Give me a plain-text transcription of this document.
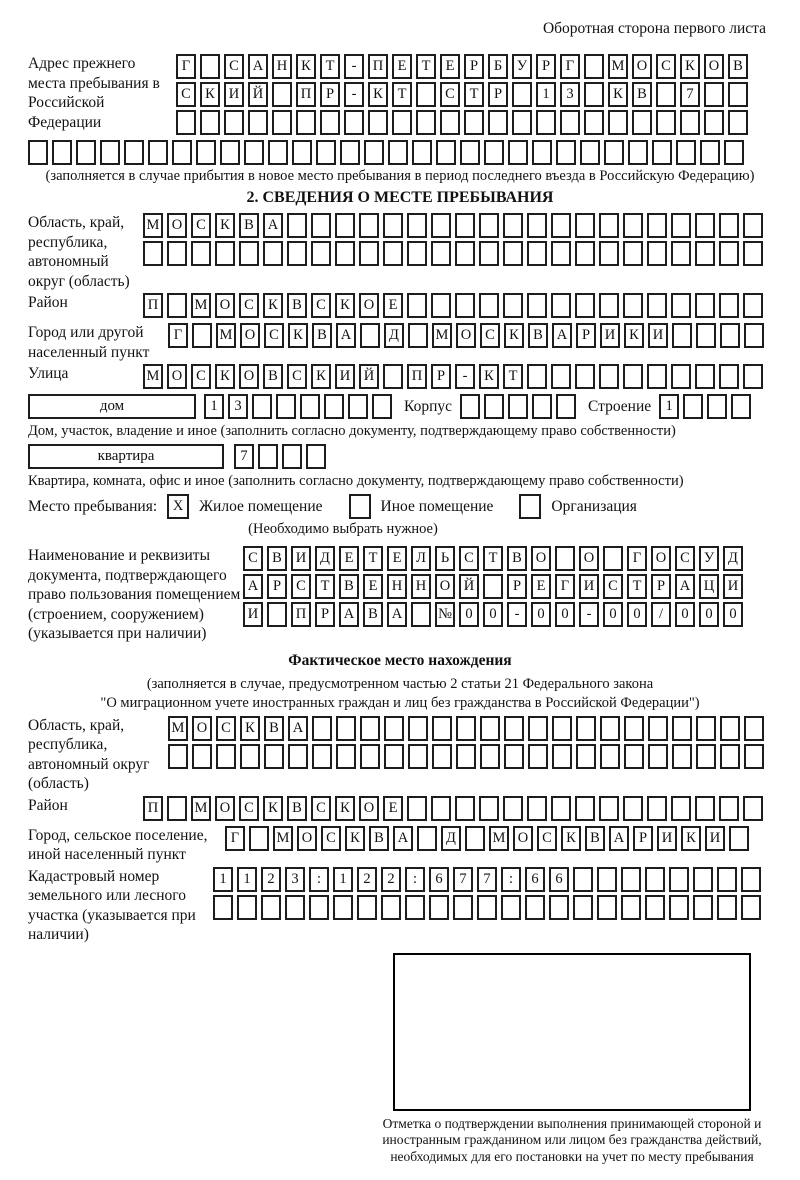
Оборотная сторона первого листа
Адрес прежнего места пребывания в Российской Федерации
Г	С А Н К Т - П Е Т Е Р Б У Р Г	М О С К О В
С К И Й	П Р - К Т	С Т Р	1 3	К В	7
(заполняется в случае прибытия в новое место пребывания в период последнего въезда в Российскую Федерацию)
2. СВЕДЕНИЯ О МЕСТЕ ПРЕБЫВАНИЯ
Область, край, республика, автономный округ (область)
М О С К В А
Район	П	М О С К В С К О Е
Город или другой населенный пункт
Г	М О С К В А	Д	М О С К В А Р И К И
Улица	М О С К О В С К И Й	П Р - К Т
дом	1 3	Корпус	Строение 1
Дом, участок, владение и иное (заполнить согласно документу, подтверждающему право собственности)
квартира	7
Квартира, комната, офис и иное (заполнить согласно документу, подтверждающему право собственности)
Место пребывания:	X	Жилое помещение	Иное помещение	Организация
(Необходимо выбрать нужное)
Наименование и реквизиты документа, подтверждающего право пользования помещением (строением, сооружением) (указывается при наличии)
С В И Д Е Т Е Л Ь С Т В О	О	Г О С У Д
А Р С Т В Е Н Н О Й	Р Е Г И С Т Р А Ц И
И	П Р А В А № 0 0 - 0 0 - 0 0 / 0 0 0
Фактическое место нахождения
(заполняется в случае, предусмотренном частью 2 статьи 21 Федерального закона
"О миграционном учете иностранных граждан и лиц без гражданства в Российской Федерации")
Область, край, республика, автономный округ (область)
М О С К В А
Район	П	М О С К В С К О Е
Город, сельское поселение, иной населенный пункт
Г	М О С К В А	Д	М О С К В А Р И К И
Кадастровый номер земельного или лесного участка (указывается при наличии)
1 1 2 3 : 1 2 2 : 6 7 7 : 6 6
Отметка о подтверждении выполнения принимающей стороной и иностранным гражданином или лицом без гражданства действий, необходимых для его постановки на учет по месту пребывания
